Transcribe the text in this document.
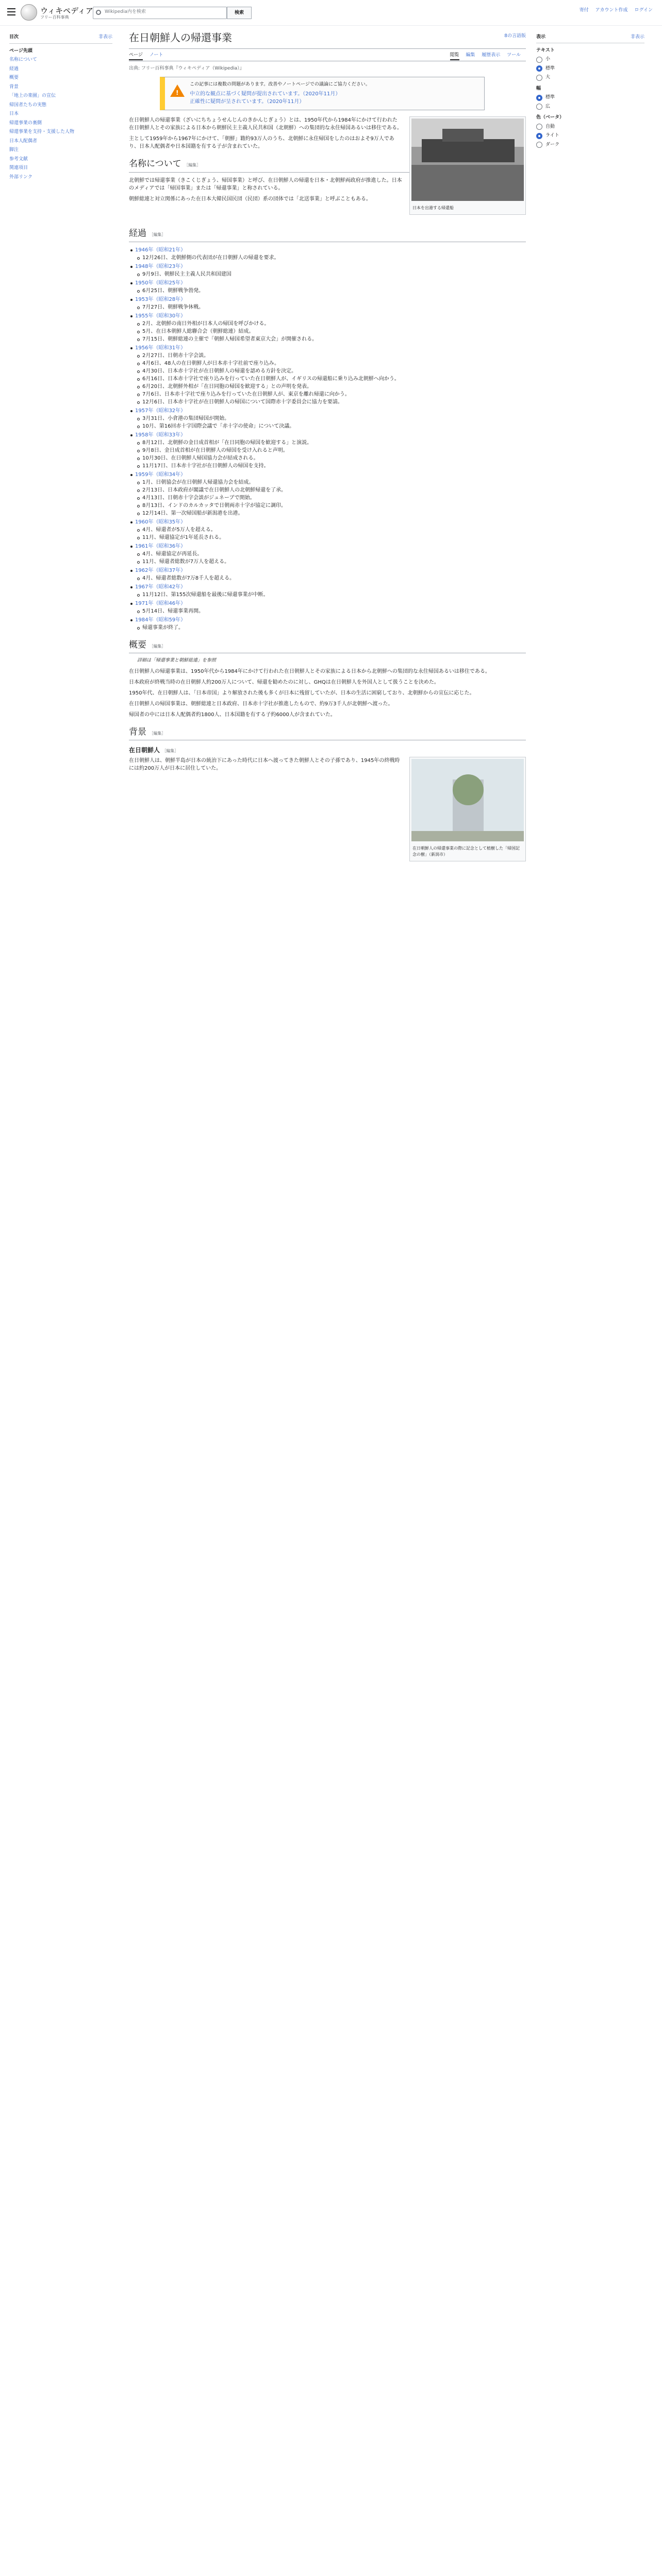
ウィキペディア
フリー百科事典
Wikipedia内を検索	検索	寄付 アカウント作成 ログイン
目次	非表示
ページ先頭
名称について
経過
概要
背景
「地上の楽園」の宣伝
帰国者たちの実態
日本
帰還事業の裏側
帰還事業を支持・支援した人物
日本人配偶者
脚注
参考文献
関連項目
外部リンク
在日朝鮮人の帰還事業	8の言語版
ページ ノート	閲覧 編集 履歴表示 ツール
出典: フリー百科事典『ウィキペディア（Wikipedia）』
!
この記事には複数の問題があります。改善やノートページでの議論にご協力ください。
中立的な観点に基づく疑問が提出されています。（2020年11月）
正確性に疑問が呈されています。（2020年11月）
日本を出港する帰還船

在日朝鮮人の帰還事業（ざいにちちょうせんじんのきかんじぎょう）とは、1950年代から1984年にかけて行われた在日朝鮮人とその家族による日本から朝鮮民主主義人民共和国（北朝鮮）への集団的な永住帰国あるいは移住である。

主として1959年から1967年にかけて、「朝鮮」籍約93万人のうち、北朝鮮に永住帰国をしたのはおよそ9万人であり、日本人配偶者や日本国籍を有する子が含まれていた。

名称について ［編集］

北朝鮮では帰還事業（きこくじぎょう、帰国事業）と呼び、在日朝鮮人の帰還を日本・北朝鮮両政府が推進した。日本のメディアでは「帰国事業」または「帰還事業」と称されている。

朝鮮総連と対立関係にあった在日本大韓民国民団（民団）系の団体では「北送事業」と呼ぶこともある。

経過 ［編集］
1946年（昭和21年）
12月26日、北朝鮮側の代表団が在日朝鮮人の帰還を要求。
1948年（昭和23年）
9月9日、朝鮮民主主義人民共和国建国
1950年（昭和25年）
6月25日、朝鮮戦争勃発。
1953年（昭和28年）
7月27日、朝鮮戦争休戦。
1955年（昭和30年）
2月、北朝鮮の南日外相が日本人の帰国を呼びかける。
5月、在日本朝鮮人総聯合会（朝鮮総連）結成。
7月15日、朝鮮総連の主催で「朝鮮人帰国希望者東京大会」が開催される。
1956年（昭和31年）
2月27日、日朝赤十字会談。
4月6日、48人の在日朝鮮人が日本赤十字社前で座り込み。
4月30日、日本赤十字社が在日朝鮮人の帰還を認める方針を決定。
6月16日、日本赤十字社で座り込みを行っていた在日朝鮮人が、イギリスの帰還船に乗り込み北朝鮮へ向かう。
6月20日、北朝鮮外相が「在日同胞の帰国を歓迎する」との声明を発表。
7月6日、日本赤十字社で座り込みを行っていた在日朝鮮人が、東京を離れ帰還に向かう。
12月6日、日本赤十字社が在日朝鮮人の帰国について国際赤十字委員会に協力を要請。
1957年（昭和32年）
3月31日、小倉港の集団帰国が開始。
10月、第16回赤十字国際会議で「赤十字の使命」について決議。
1958年（昭和33年）
8月12日、北朝鮮の金日成首相が「在日同胞の帰国を歓迎する」と演説。
9月8日、金日成首相が在日朝鮮人の帰国を受け入れると声明。
10月30日、在日朝鮮人帰国協力会が結成される。
11月17日、日本赤十字社が在日朝鮮人の帰国を支持。
1959年（昭和34年）
1月、日朝協会が在日朝鮮人帰還協力会を結成。
2月13日、日本政府が閣議で在日朝鮮人の北朝鮮帰還を了承。
4月13日、日朝赤十字会談がジュネーブで開始。
8月13日、インドのカルカッタで日朝両赤十字が協定に調印。
12月14日、第一次帰国船が新潟港を出港。
1960年（昭和35年）
4月、帰還者が5万人を超える。
11月、帰還協定が1年延長される。
1961年（昭和36年）
4月、帰還協定が再延長。
11月、帰還者総数が7万人を超える。
1962年（昭和37年）
4月、帰還者総数が7万8千人を超える。
1967年（昭和42年）
11月12日、第155次帰還船を最後に帰還事業が中断。
1971年（昭和46年）
5月14日、帰還事業再開。
1984年（昭和59年）
帰還事業が終了。
概要 ［編集］
詳細は「帰還事業と朝鮮総連」を参照

在日朝鮮人の帰還事業は、1950年代から1984年にかけて行われた在日朝鮮人とその家族による日本から北朝鮮への集団的な永住帰国あるいは移住である。

日本政府が終戦当時の在日朝鮮人約200万人について、帰還を勧めたのに対し、GHQは在日朝鮮人を外国人として扱うことを決めた。

1950年代、在日朝鮮人は、「日本帝国」より解放された後も多くが日本に残留していたが、日本の生活に困窮しており、北朝鮮からの宣伝に応じた。

在日朝鮮人の帰国事業は、朝鮮総連と日本政府、日本赤十字社が推進したもので、約9万3千人が北朝鮮へ渡った。

帰国者の中には日本人配偶者約1800人、日本国籍を有する子約6000人が含まれていた。

背景 ［編集］
在日朝鮮人 ［編集］
在日朝鮮人の帰還事業の際に記念として植樹した「帰国記念の樹」（新潟市）

在日朝鮮人は、朝鮮半島が日本の統治下にあった時代に日本へ渡ってきた朝鮮人とその子孫であり、1945年の終戦時には約200万人が日本に居住していた。

表示	非表示
テキスト
小
標準
大
幅
標準
広
色（ベータ）
自動
ライト
ダーク
